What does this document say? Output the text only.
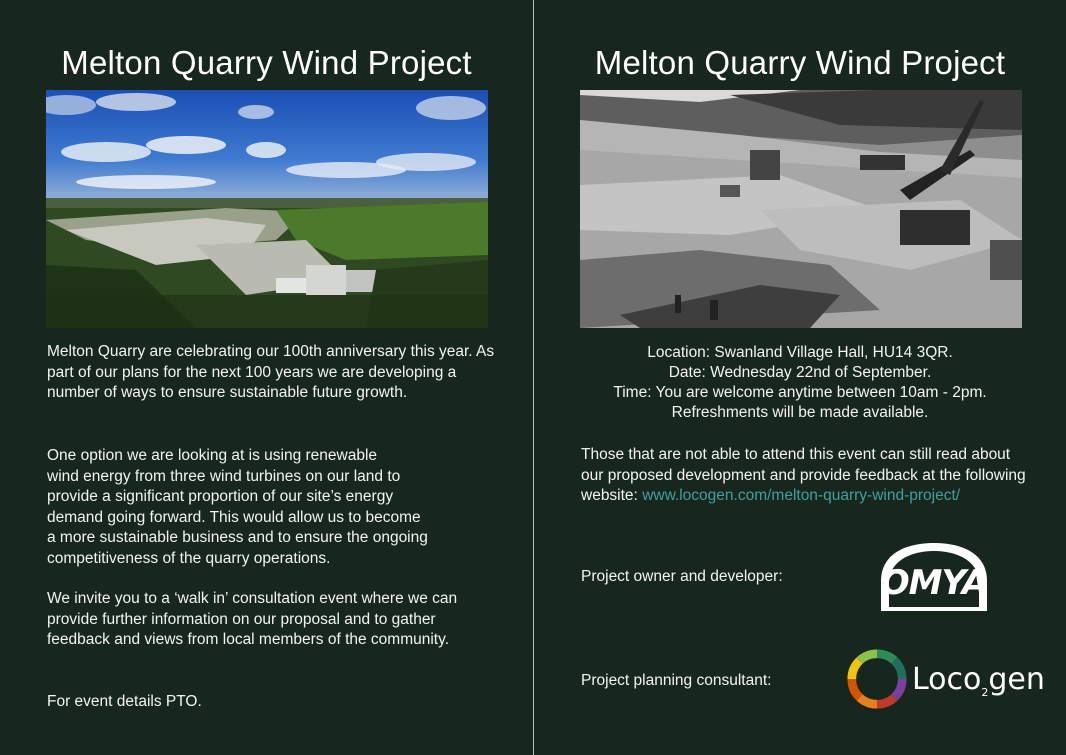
Melton Quarry Wind Project
Melton Quarry are celebrating our 100th anniversary this year. As part of our plans for the next 100 years we are developing a number of ways to ensure sustainable future growth.
One option we are looking at is using renewable
wind energy from three wind turbines on our land to
provide a significant proportion of our site’s energy
demand going forward. This would allow us to become
a more sustainable business and to ensure the ongoing
competitiveness of the quarry operations.
We invite you to a ‘walk in’ consultation event where we can provide further information on our proposal and to gather feedback and views from local members of the community.
For event details PTO.
Melton Quarry Wind Project
Location: Swanland Village Hall, HU14 3QR.
Date: Wednesday 22nd of September.
Time: You are welcome anytime between 10am - 2pm.
Refreshments will be made available.
Those that are not able to attend this event can still read about our proposed development and provide feedback at the following website: www.locogen.com/melton-quarry-wind-project/
Project owner and developer:	OMYA
Project planning consultant:	Loco$_2$gen
